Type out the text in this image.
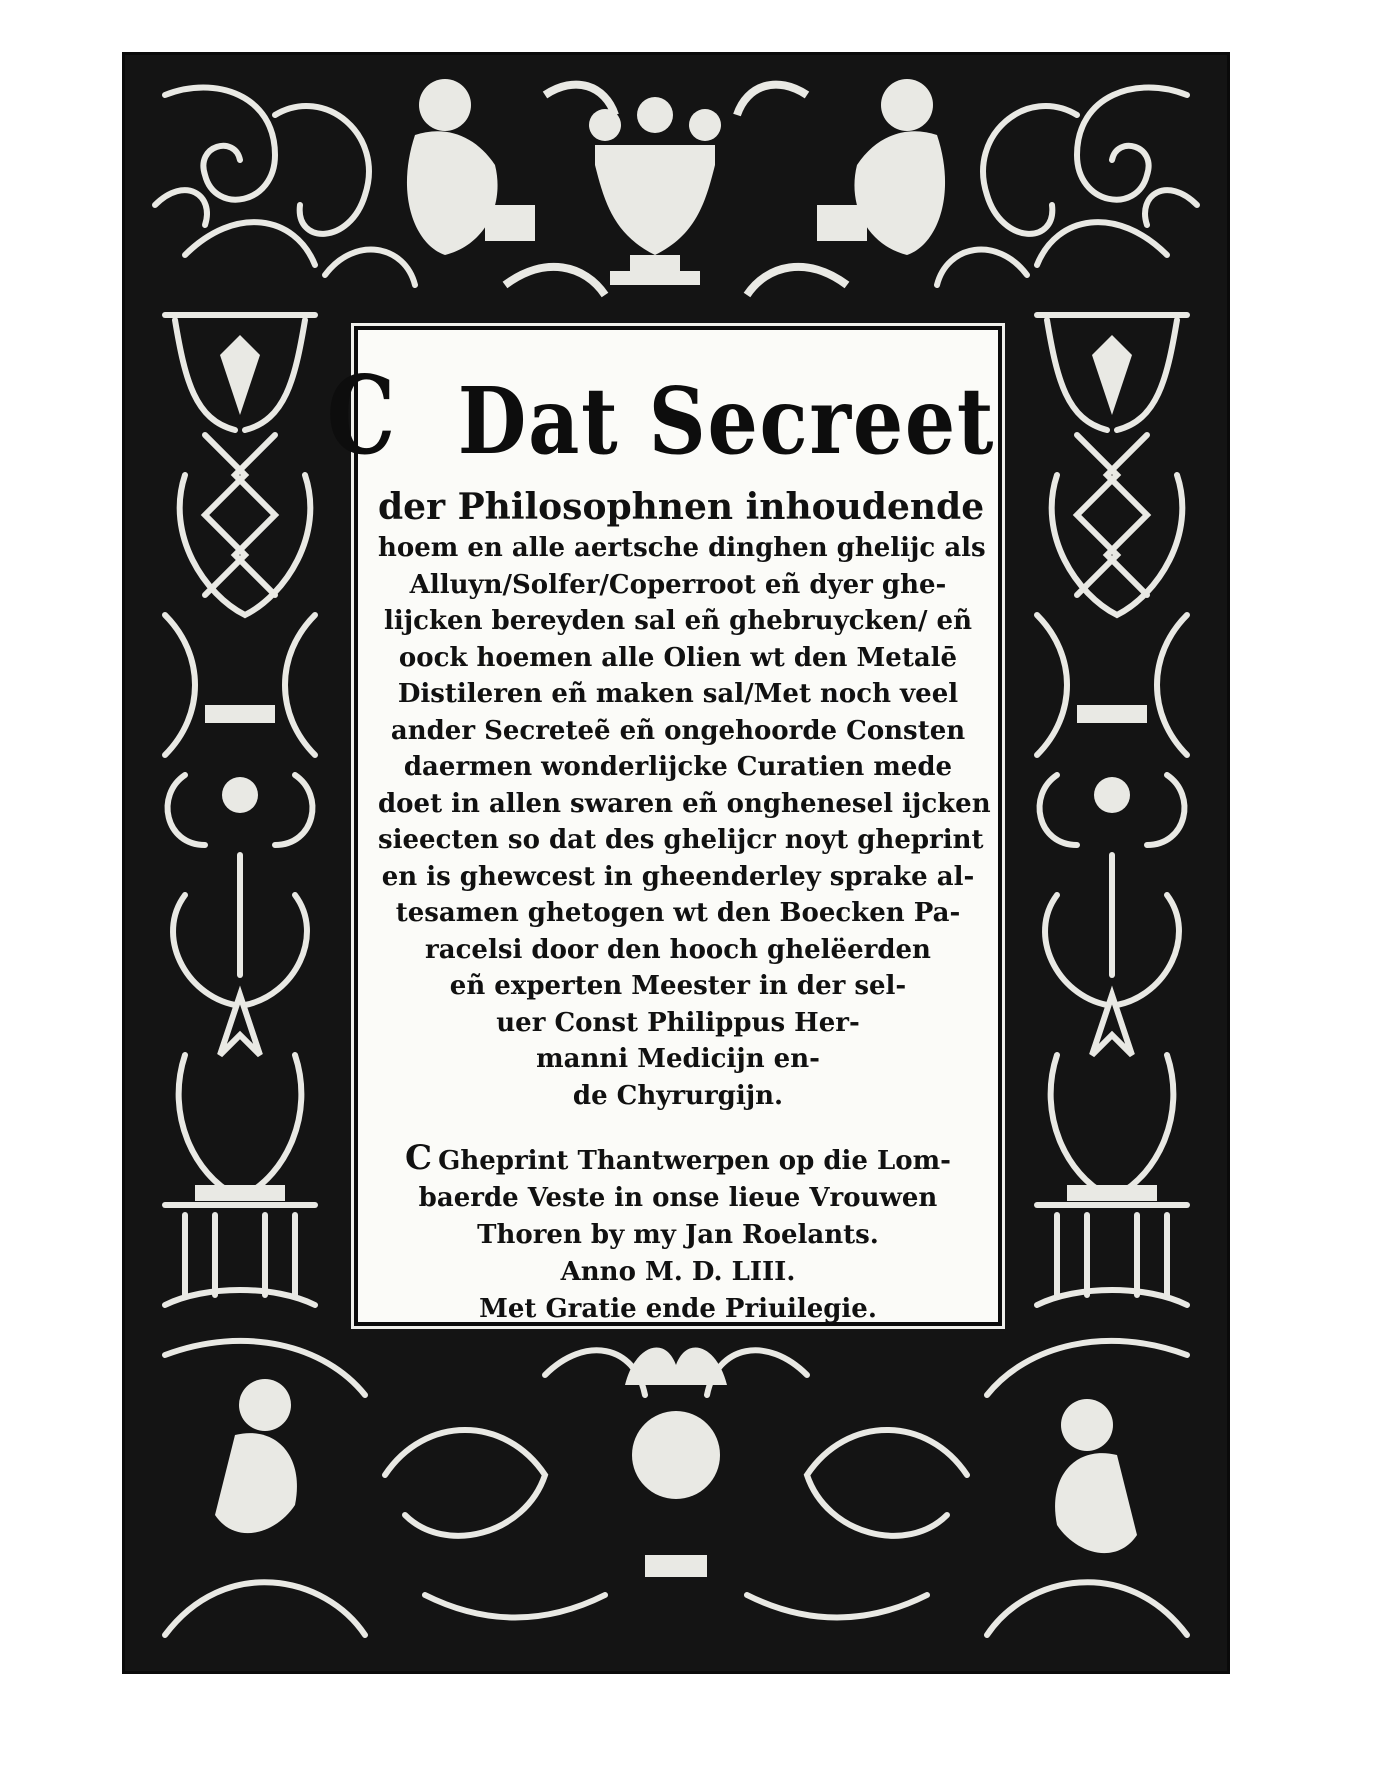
C Dat Secreet
der Philosophnen inhoudende
hoem en alle aertsche dinghen ghelijc als
Alluyn/Solfer/Coperroot eñ dyer ghe-
lijcken bereyden sal eñ ghebruycken/ eñ
oock hoemen alle Olien wt den Metalē
Distileren eñ maken sal/Met noch veel
ander Secreteẽ eñ ongehoorde Consten
daermen wonderlijcke Curatien mede
doet in allen swaren eñ onghenesel ijcken
sieecten so dat des ghelijcr noyt gheprint
en is ghewcest in gheenderley sprake al-
tesamen ghetogen wt den Boecken Pa-
racelsi door den hooch ghelëerden
eñ experten Meester in der sel-
uer Const Philippus Her-
manni Medicijn en-
de Chyrurgijn.
C Gheprint Thantwerpen op die Lom-
baerde Veste in onse lieue Vrouwen
Thoren by my Jan Roelants.
Anno M. D. LIII.
Met Gratie ende Priuilegie.
